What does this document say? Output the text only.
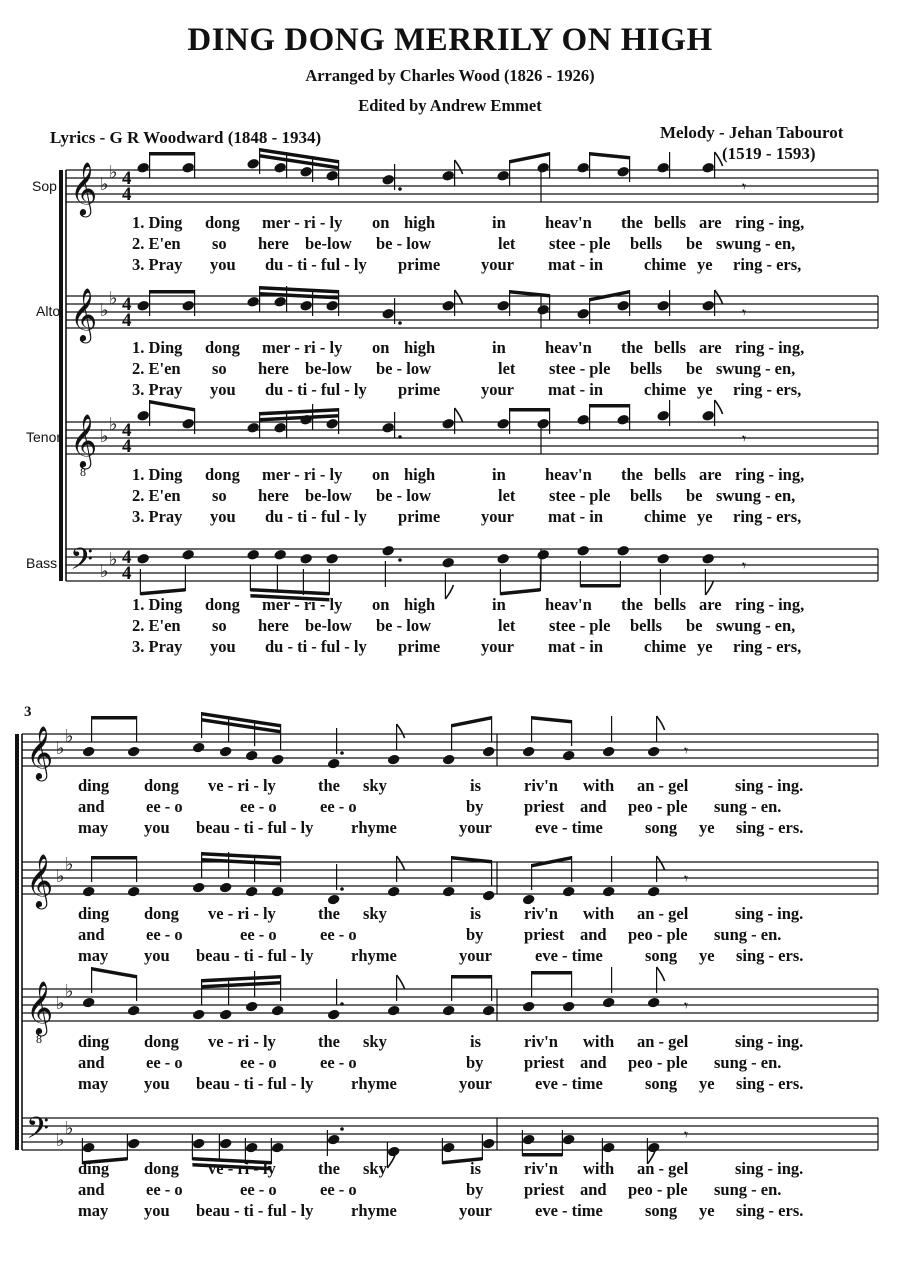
DING DONG MERRILY ON HIGH
Arranged by Charles Wood (1826 - 1926)
Edited by Andrew Emmet
Lyrics - G R Woodward (1848 - 1934)	Melody - Jehan Tabourot
(1519 - 1593)
Sop
Alto
Tenor
Bass
3
𝄞 ♭
♭ 4
4
𝄞 ♭
♭ 4
4
𝄞
8
♭
♭ 4
4
𝄢 ♭
♭ 4
4
𝄞 ♭
♭
𝄞 ♭
♭
𝄞
8
♭
♭
𝄢 ♭
♭
𝄾
𝄾
𝄾
𝄾
𝄾
𝄾
𝄾
𝄾
1. Ding dong mer - ri - ly on high	in heav'n the bells are ring - ing,
2. E'en so here be-low be - low	let stee - ple bells be swung - en,
3. Pray you du - ti - ful - ly prime your mat - in chime ye ring - ers,
1. Ding dong mer - ri - ly on high	in heav'n the bells are ring - ing,
2. E'en so here be-low be - low	let stee - ple bells be swung - en,
3. Pray you du - ti - ful - ly prime your mat - in chime ye ring - ers,
1. Ding dong mer - ri - ly on high	in heav'n the bells are ring - ing,
2. E'en so here be-low be - low	let stee - ple bells be swung - en,
3. Pray you du - ti - ful - ly prime your mat - in chime ye ring - ers,
1. Ding dong mer - ri - ly on high	in heav'n the bells are ring - ing,
2. E'en so here be-low be - low	let stee - ple bells be swung - en,
3. Pray you du - ti - ful - ly prime your mat - in chime ye ring - ers,
ding dong ve - ri - ly	the sky	is	riv'n with an - gel	sing - ing.
and	ee - o	ee - o	ee - o	by priest and peo - ple sung - en.
may you beau - ti - ful - ly rhyme	your	eve - time	song ye sing - ers.
ding dong ve - ri - ly	the sky	is	riv'n with an - gel	sing - ing.
and	ee - o	ee - o	ee - o	by priest and peo - ple sung - en.
may you beau - ti - ful - ly rhyme	your	eve - time	song ye sing - ers.
ding dong ve - ri - ly	the sky	is	riv'n with an - gel	sing - ing.
and	ee - o	ee - o	ee - o	by priest and peo - ple sung - en.
may you beau - ti - ful - ly rhyme	your	eve - time	song ye sing - ers.
ding dong ve - ri - ly	the sky	is	riv'n with an - gel	sing - ing.
and	ee - o	ee - o	ee - o	by priest and peo - ple sung - en.
may you beau - ti - ful - ly rhyme	your	eve - time	song ye sing - ers.
